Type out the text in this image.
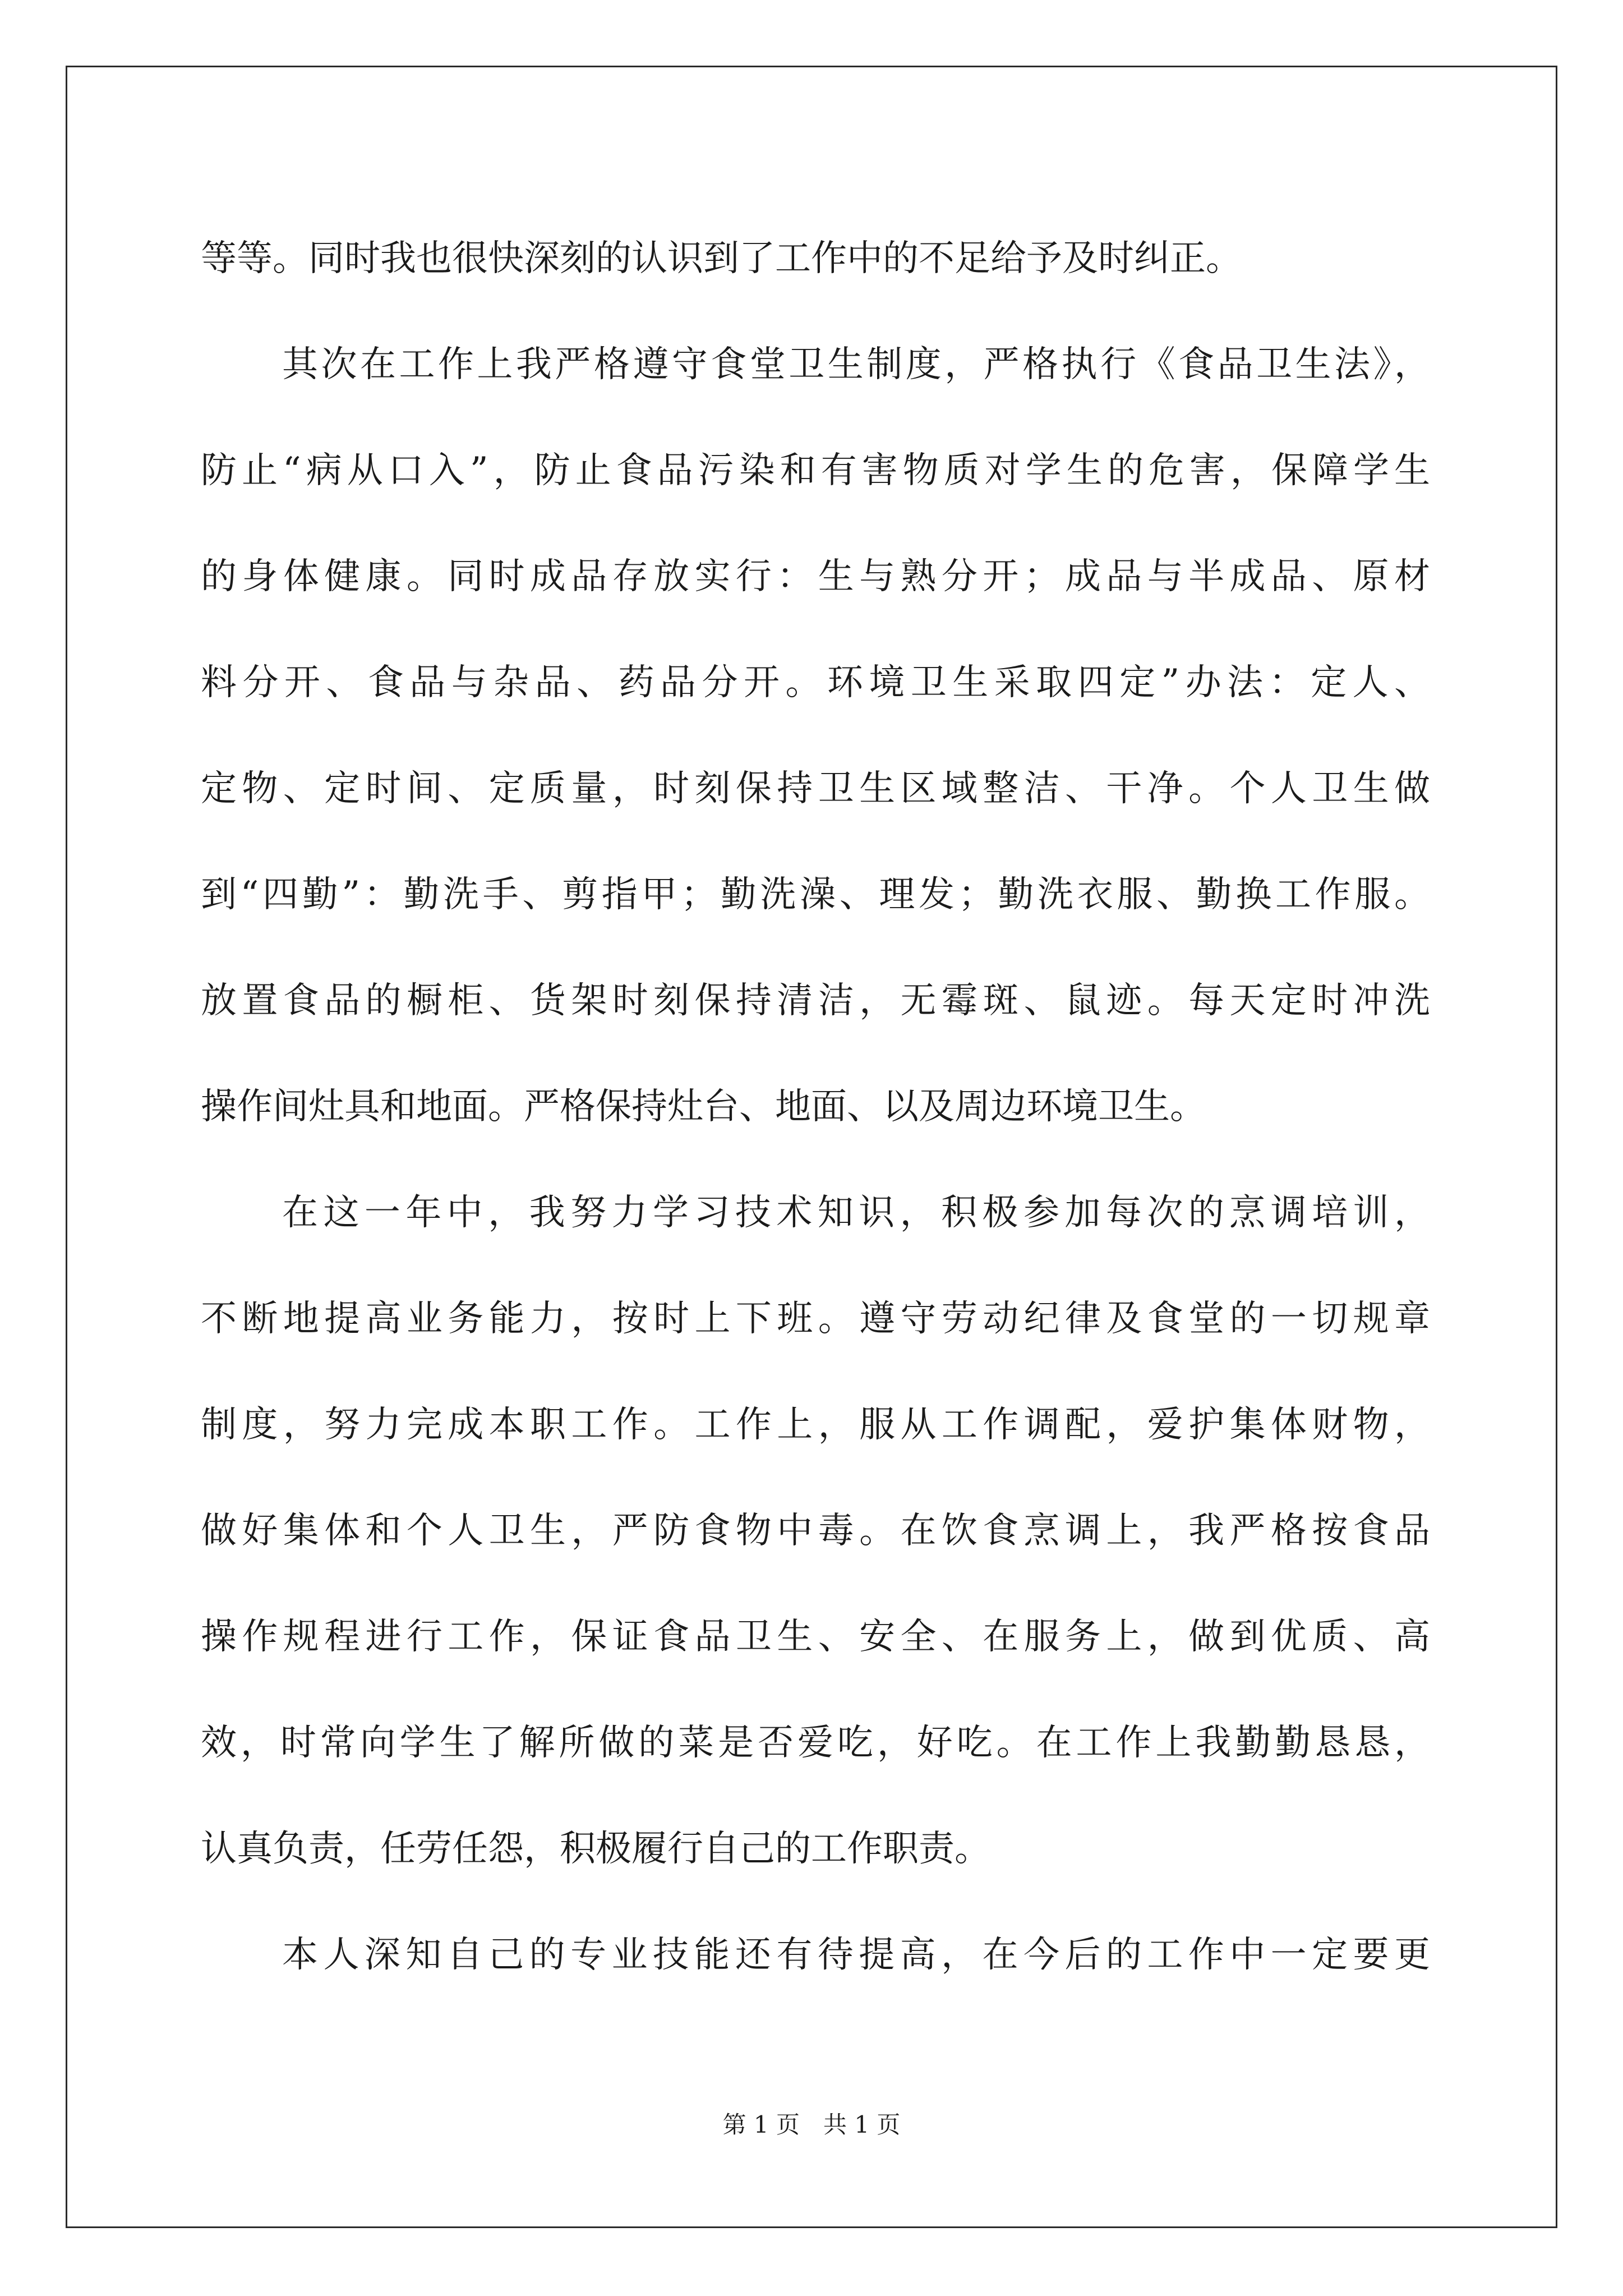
等等。同时我也很快深刻的认识到了工作中的不足给予及时纠正。
其次在工作上我严格遵守食堂卫生制度，严格执行《食品卫生法》，
防止“病从口入”，防止食品污染和有害物质对学生的危害，保障学生
的身体健康。同时成品存放实行：生与熟分开；成品与半成品、原材
料分开、食品与杂品、药品分开。环境卫生采取四定”办法：定人、
定物、定时间、定质量，时刻保持卫生区域整洁、干净。个人卫生做
到“四勤”：勤洗手、剪指甲；勤洗澡、理发；勤洗衣服、勤换工作服。
放置食品的橱柜、货架时刻保持清洁，无霉斑、鼠迹。每天定时冲洗
操作间灶具和地面。严格保持灶台、地面、以及周边环境卫生。
在这一年中，我努力学习技术知识，积极参加每次的烹调培训，
不断地提高业务能力，按时上下班。遵守劳动纪律及食堂的一切规章
制度，努力完成本职工作。工作上，服从工作调配，爱护集体财物，
做好集体和个人卫生，严防食物中毒。在饮食烹调上，我严格按食品
操作规程进行工作，保证食品卫生、安全、在服务上，做到优质、高
效，时常向学生了解所做的菜是否爱吃，好吃。在工作上我勤勤恳恳，
认真负责，任劳任怨，积极履行自己的工作职责。
本人深知自己的专业技能还有待提高，在今后的工作中一定要更
第 1 页　共 1 页
